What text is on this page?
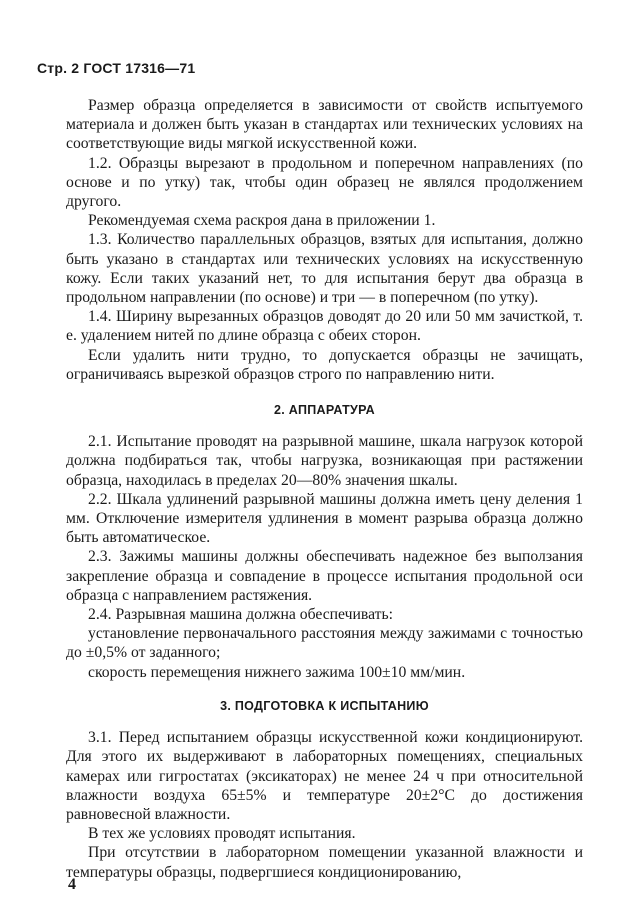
Стр. 2 ГОСТ 17316—71

Размер образца определяется в зависимости от свойств испытуемого материала и должен быть указан в стандартах или технических условиях на соответствующие виды мягкой искусственной кожи.

1.2. Образцы вырезают в продольном и поперечном направлениях (по основе и по утку) так, чтобы один образец не являлся продолжением другого.

Рекомендуемая схема раскроя дана в приложении 1.

1.3. Количество параллельных образцов, взятых для испытания, должно быть указано в стандартах или технических условиях на искусственную кожу. Если таких указаний нет, то для испытания берут два образца в продольном направлении (по основе) и три — в поперечном (по утку).

1.4. Ширину вырезанных образцов доводят до 20 или 50 мм зачисткой, т. е. удалением нитей по длине образца с обеих сторон.

Если удалить нити трудно, то допускается образцы не зачищать, ограничиваясь вырезкой образцов строго по направлению нити.

2. АППАРАТУРА

2.1. Испытание проводят на разрывной машине, шкала нагрузок которой должна подбираться так, чтобы нагрузка, возникающая при растяжении образца, находилась в пределах 20—80% значения шкалы.

2.2. Шкала удлинений разрывной машины должна иметь цену деления 1 мм. Отключение измерителя удлинения в момент разрыва образца должно быть автоматическое.

2.3. Зажимы машины должны обеспечивать надежное без выползания закрепление образца и совпадение в процессе испытания продольной оси образца с направлением растяжения.

2.4. Разрывная машина должна обеспечивать:

установление первоначального расстояния между зажимами с точностью до ±0,5% от заданного;

скорость перемещения нижнего зажима 100±10 мм/мин.

3. ПОДГОТОВКА К ИСПЫТАНИЮ

3.1. Перед испытанием образцы искусственной кожи кондиционируют. Для этого их выдерживают в лабораторных помещениях, специальных камерах или гигростатах (эксикаторах) не менее 24 ч при относительной влажности воздуха 65±5% и температуре 20±2°С до достижения равновесной влажности.

В тех же условиях проводят испытания.

При отсутствии в лабораторном помещении указанной влажности и температуры образцы, подвергшиеся кондиционированию,

4
